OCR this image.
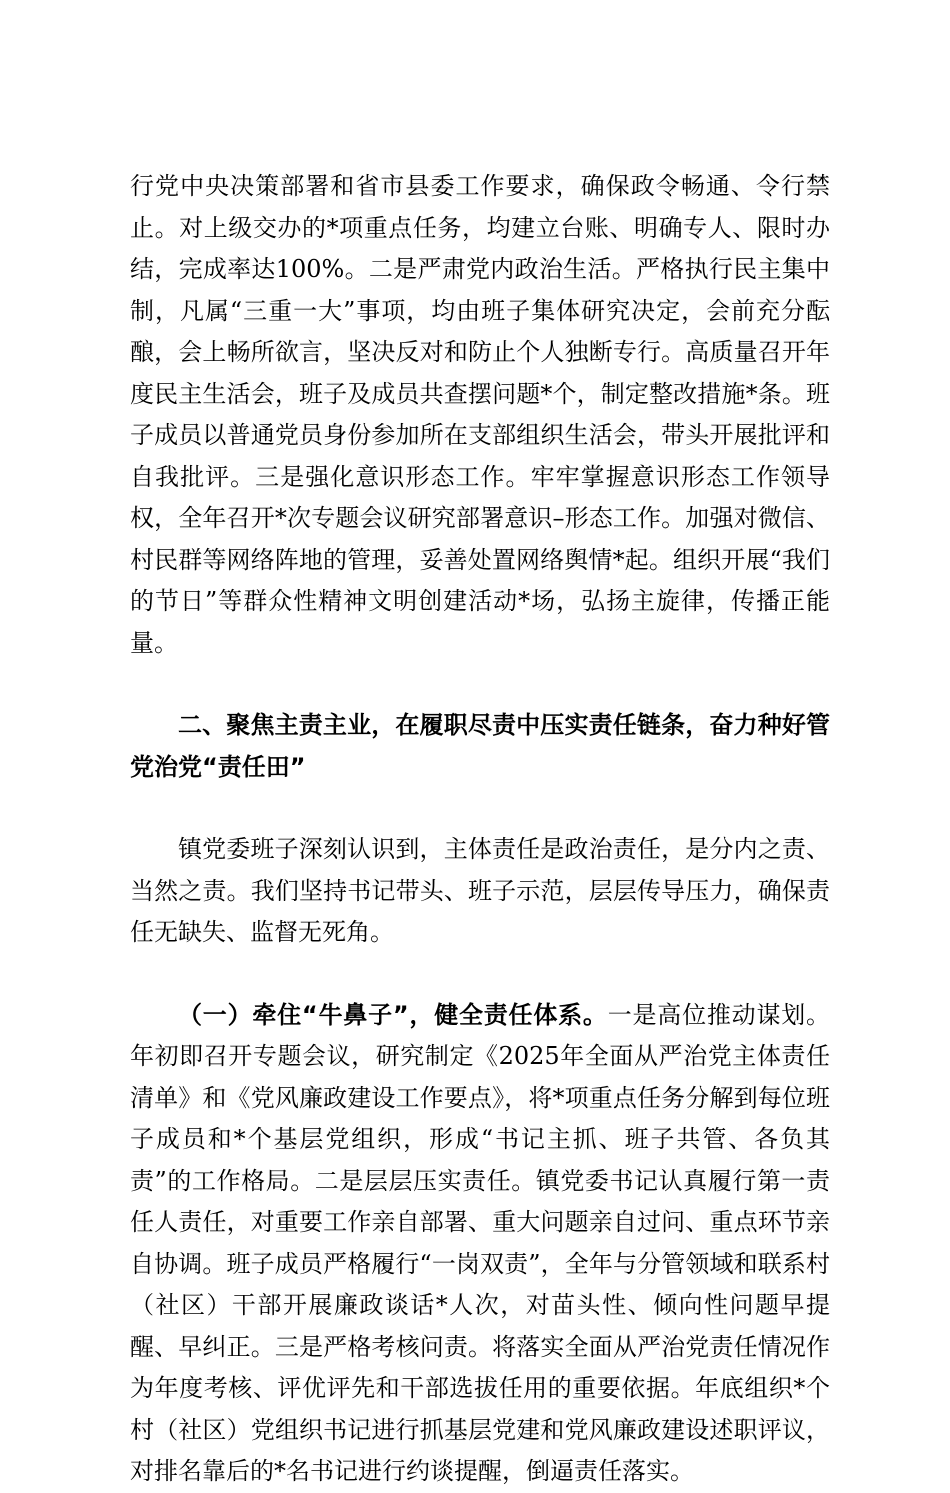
行党中央决策部署和省市县委工作要求，确保政令畅通、令行禁止。对上级交办的*项重点任务，均建立台账、明确专人、限时办结，完成率达100%。二是严肃党内政治生活。严格执行民主集中制，凡属“三重一大”事项，均由班子集体研究决定，会前充分酝酿，会上畅所欲言，坚决反对和防止个人独断专行。高质量召开年度民主生活会，班子及成员共查摆问题*个，制定整改措施*条。班子成员以普通党员身份参加所在支部组织生活会，带头开展批评和自我批评。三是强化意识形态工作。牢牢掌握意识形态工作领导权，全年召开*次专题会议研究部署意识–形态工作。加强对微信、村民群等网络阵地的管理，妥善处置网络舆情*起。组织开展“我们的节日”等群众性精神文明创建活动*场，弘扬主旋律，传播正能量。

二、聚焦主责主业，在履职尽责中压实责任链条，奋力种好管党治党“责任田”

镇党委班子深刻认识到，主体责任是政治责任，是分内之责、当然之责。我们坚持书记带头、班子示范，层层传导压力，确保责任无缺失、监督无死角。

（一）牵住“牛鼻子”，健全责任体系。一是高位推动谋划。年初即召开专题会议，研究制定《2025年全面从严治党主体责任清单》和《党风廉政建设工作要点》，将*项重点任务分解到每位班子成员和*个基层党组织，形成“书记主抓、班子共管、各负其责”的工作格局。二是层层压实责任。镇党委书记认真履行第一责任人责任，对重要工作亲自部署、重大问题亲自过问、重点环节亲自协调。班子成员严格履行“一岗双责”，全年与分管领域和联系村（社区）干部开展廉政谈话*人次，对苗头性、倾向性问题早提醒、早纠正。三是严格考核问责。将落实全面从严治党责任情况作为年度考核、评优评先和干部选拔任用的重要依据。年底组织*个村（社区）党组织书记进行抓基层党建和党风廉政建设述职评议，对排名靠后的*名书记进行约谈提醒，倒逼责任落实。
